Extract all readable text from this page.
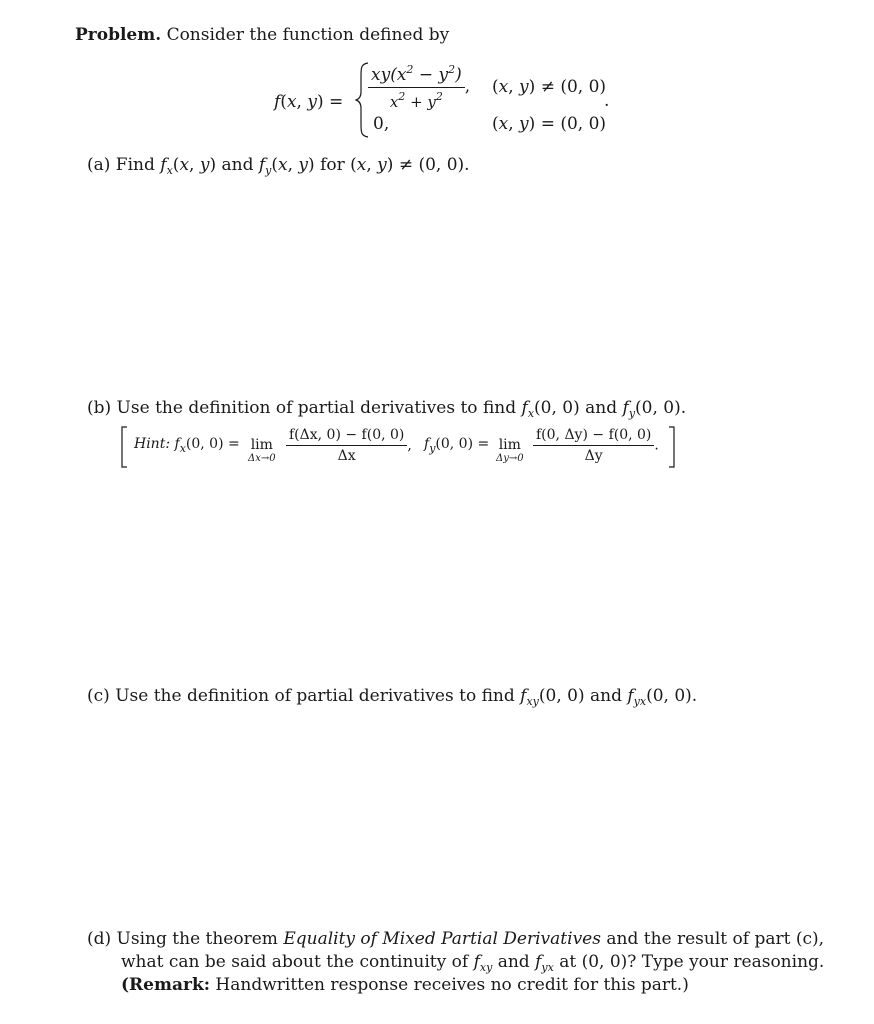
Problem. Consider the function defined by
f(x, $y) = \frac{xy(x^2 - y^2)}{x^2 + y^2}$ , (x, y) ≠ (0, 0)
0,	(x, y) = (0, 0)
.
(a) Find $f_x(x$, y) and $f_y(x$, y) for (x, y) ≠ (0, 0).
(b) Use the definition of partial derivatives to find $f_x(0$, 0) and $f_y(0$, 0).
Hint: $f_x(0$, 0) = lim
$\Delta x\to 0 \frac{f(\Delta x, 0) - f(0, 0)}{\Delta x}$ , $f_y(0$, 0) = lim
$\Delta y\to 0 \frac{f(0, \Delta y) - f(0, 0)}{\Delta y}$ .
(c) Use the definition of partial derivatives to find $f_{xy}(0$, 0) and $f_{yx}(0$, 0).
(d) Using the theorem Equality of Mixed Partial Derivatives and the result of part (c),
what can be said about the continuity of $f_{xy}$ and $f_{yx}$ at (0, 0)? Type your reasoning.
(Remark: Handwritten response receives no credit for this part.)
